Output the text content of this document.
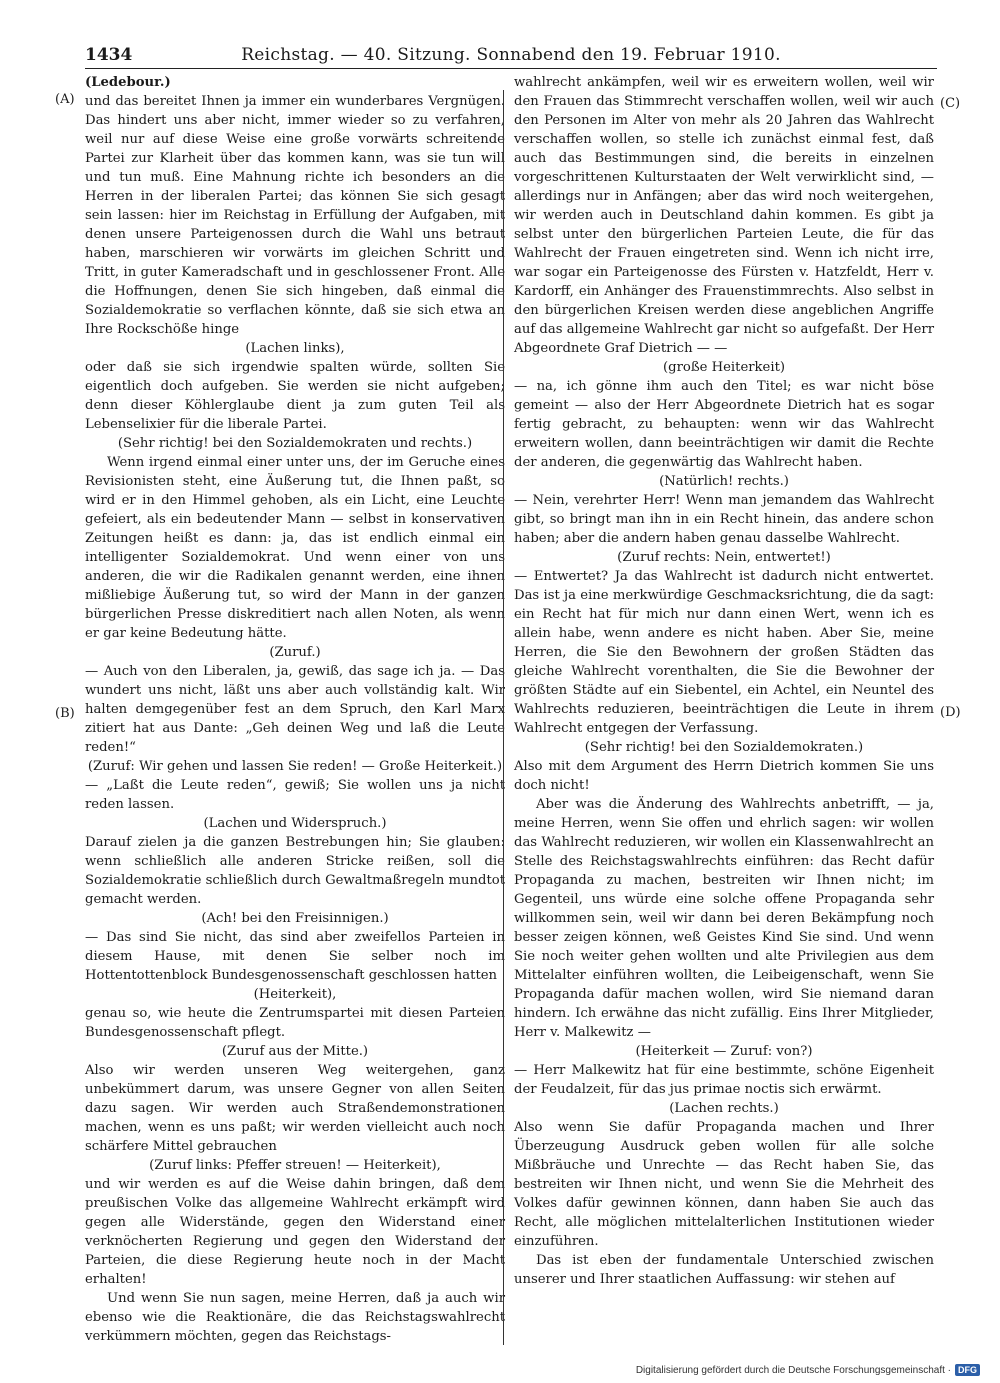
1434	Reichstag. — 40. Sitzung. Sonnabend den 19. Februar 1910.
(A)
(B)
(C)
(D)

(Ledebour.)

und das bereitet Ihnen ja immer ein wunderbares Vergnügen. Das hindert uns aber nicht, immer wieder so zu verfahren, weil nur auf diese Weise eine große vorwärts schreitende Partei zur Klarheit über das kommen kann, was sie tun will und tun muß. Eine Mahnung richte ich besonders an die Herren in der liberalen Partei; das können Sie sich gesagt sein lassen: hier im Reichstag in Erfüllung der Aufgaben, mit denen unsere Parteigenossen durch die Wahl uns betraut haben, marschieren wir vorwärts im gleichen Schritt und Tritt, in guter Kameradschaft und in geschlossener Front. Alle die Hoffnungen, denen Sie sich hingeben, daß einmal die Sozialdemokratie so verflachen könnte, daß sie sich etwa an Ihre Rockschöße hinge

(Lachen links),

oder daß sie sich irgendwie spalten würde, sollten Sie eigentlich doch aufgeben. Sie werden sie nicht aufgeben; denn dieser Köhlerglaube dient ja zum guten Teil als Lebenselixier für die liberale Partei.

(Sehr richtig! bei den Sozialdemokraten und rechts.)

Wenn irgend einmal einer unter uns, der im Geruche eines Revisionisten steht, eine Äußerung tut, die Ihnen paßt, so wird er in den Himmel gehoben, als ein Licht, eine Leuchte gefeiert, als ein bedeutender Mann — selbst in konservativen Zeitungen heißt es dann: ja, das ist endlich einmal ein intelligenter Sozialdemokrat. Und wenn einer von uns anderen, die wir die Radikalen genannt werden, eine ihnen mißliebige Äußerung tut, so wird der Mann in der ganzen bürgerlichen Presse diskreditiert nach allen Noten, als wenn er gar keine Bedeutung hätte.

(Zuruf.)

— Auch von den Liberalen, ja, gewiß, das sage ich ja. — Das wundert uns nicht, läßt uns aber auch vollständig kalt. Wir halten demgegenüber fest an dem Spruch, den Karl Marx zitiert hat aus Dante: „Geh deinen Weg und laß die Leute reden!“

(Zuruf: Wir gehen und lassen Sie reden! — Große Heiterkeit.)

— „Laßt die Leute reden“, gewiß; Sie wollen uns ja nicht reden lassen.

(Lachen und Widerspruch.)

Darauf zielen ja die ganzen Bestrebungen hin; Sie glauben: wenn schließlich alle anderen Stricke reißen, soll die Sozialdemokratie schließlich durch Gewaltmaßregeln mundtot gemacht werden.

(Ach! bei den Freisinnigen.)

— Das sind Sie nicht, das sind aber zweifellos Parteien in diesem Hause, mit denen Sie selber noch im Hottentottenblock Bundesgenossenschaft geschlossen hatten

(Heiterkeit),

genau so, wie heute die Zentrumspartei mit diesen Parteien Bundesgenossenschaft pflegt.

(Zuruf aus der Mitte.)

Also wir werden unseren Weg weitergehen, ganz unbekümmert darum, was unsere Gegner von allen Seiten dazu sagen. Wir werden auch Straßendemonstrationen machen, wenn es uns paßt; wir werden vielleicht auch noch schärfere Mittel gebrauchen

(Zuruf links: Pfeffer streuen! — Heiterkeit),

und wir werden es auf die Weise dahin bringen, daß dem preußischen Volke das allgemeine Wahlrecht erkämpft wird gegen alle Widerstände, gegen den Widerstand einer verknöcherten Regierung und gegen den Widerstand der Parteien, die diese Regierung heute noch in der Macht erhalten!

Und wenn Sie nun sagen, meine Herren, daß ja auch wir ebenso wie die Reaktionäre, die das Reichstagswahlrecht verkümmern möchten, gegen das Reichstags-

wahlrecht ankämpfen, weil wir es erweitern wollen, weil wir den Frauen das Stimmrecht verschaffen wollen, weil wir auch den Personen im Alter von mehr als 20 Jahren das Wahlrecht verschaffen wollen, so stelle ich zunächst einmal fest, daß auch das Bestimmungen sind, die bereits in einzelnen vorgeschrittenen Kulturstaaten der Welt verwirklicht sind, — allerdings nur in Anfängen; aber das wird noch weitergehen, wir werden auch in Deutschland dahin kommen. Es gibt ja selbst unter den bürgerlichen Parteien Leute, die für das Wahlrecht der Frauen eingetreten sind. Wenn ich nicht irre, war sogar ein Parteigenosse des Fürsten v. Hatzfeldt, Herr v. Kardorff, ein Anhänger des Frauenstimmrechts. Also selbst in den bürgerlichen Kreisen werden diese angeblichen Angriffe auf das allgemeine Wahlrecht gar nicht so aufgefaßt. Der Herr Abgeordnete Graf Dietrich — —

(große Heiterkeit)

— na, ich gönne ihm auch den Titel; es war nicht böse gemeint — also der Herr Abgeordnete Dietrich hat es sogar fertig gebracht, zu behaupten: wenn wir das Wahlrecht erweitern wollen, dann beeinträchtigen wir damit die Rechte der anderen, die gegenwärtig das Wahlrecht haben.

(Natürlich! rechts.)

— Nein, verehrter Herr! Wenn man jemandem das Wahlrecht gibt, so bringt man ihn in ein Recht hinein, das andere schon haben; aber die andern haben genau dasselbe Wahlrecht.

(Zuruf rechts: Nein, entwertet!)

— Entwertet? Ja das Wahlrecht ist dadurch nicht entwertet. Das ist ja eine merkwürdige Geschmacksrichtung, die da sagt: ein Recht hat für mich nur dann einen Wert, wenn ich es allein habe, wenn andere es nicht haben. Aber Sie, meine Herren, die Sie den Bewohnern der großen Städten das gleiche Wahlrecht vorenthalten, die Sie die Bewohner der größten Städte auf ein Siebentel, ein Achtel, ein Neuntel des Wahlrechts reduzieren, beeinträchtigen die Leute in ihrem Wahlrecht entgegen der Verfassung.

(Sehr richtig! bei den Sozialdemokraten.)

Also mit dem Argument des Herrn Dietrich kommen Sie uns doch nicht!

Aber was die Änderung des Wahlrechts anbetrifft, — ja, meine Herren, wenn Sie offen und ehrlich sagen: wir wollen das Wahlrecht reduzieren, wir wollen ein Klassenwahlrecht an Stelle des Reichstagswahlrechts einführen: das Recht dafür Propaganda zu machen, bestreiten wir Ihnen nicht; im Gegenteil, uns würde eine solche offene Propaganda sehr willkommen sein, weil wir dann bei deren Bekämpfung noch besser zeigen können, weß Geistes Kind Sie sind. Und wenn Sie noch weiter gehen wollten und alte Privilegien aus dem Mittelalter einführen wollten, die Leibeigenschaft, wenn Sie Propaganda dafür machen wollen, wird Sie niemand daran hindern. Ich erwähne das nicht zufällig. Eins Ihrer Mitglieder, Herr v. Malkewitz —

(Heiterkeit — Zuruf: von?)

— Herr Malkewitz hat für eine bestimmte, schöne Eigenheit der Feudalzeit, für das jus primae noctis sich erwärmt.

(Lachen rechts.)

Also wenn Sie dafür Propaganda machen und Ihrer Überzeugung Ausdruck geben wollen für alle solche Mißbräuche und Unrechte — das Recht haben Sie, das bestreiten wir Ihnen nicht, und wenn Sie die Mehrheit des Volkes dafür gewinnen können, dann haben Sie auch das Recht, alle möglichen mittelalterlichen Institutionen wieder einzuführen.

Das ist eben der fundamentale Unterschied zwischen unserer und Ihrer staatlichen Auffassung: wir stehen auf

Digitalisierung gefördert durch die Deutsche Forschungsgemeinschaft · DFG
